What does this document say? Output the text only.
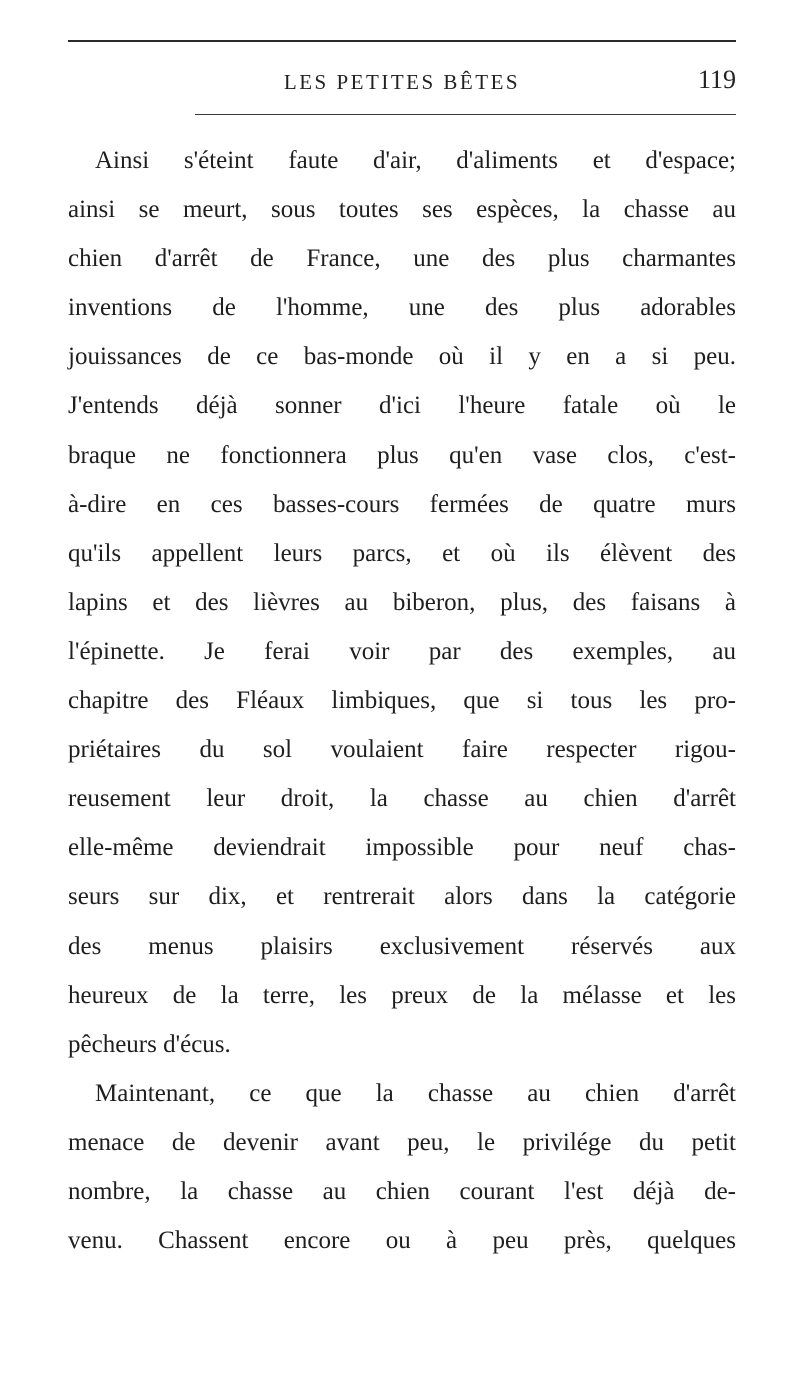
LES PETITES BÊTES	119
Ainsi s'éteint faute d'air, d'aliments et d'espace;
ainsi se meurt, sous toutes ses espèces, la chasse au
chien d'arrêt de France, une des plus charmantes
inventions de l'homme, une des plus adorables
jouissances de ce bas-monde où il y en a si peu.
J'entends déjà sonner d'ici l'heure fatale où le
braque ne fonctionnera plus qu'en vase clos, c'est-
à-dire en ces basses-cours fermées de quatre murs
qu'ils appellent leurs parcs, et où ils élèvent des
lapins et des lièvres au biberon, plus, des faisans à
l'épinette. Je ferai voir par des exemples, au
chapitre des Fléaux limbiques, que si tous les pro-
priétaires du sol voulaient faire respecter rigou-
reusement leur droit, la chasse au chien d'arrêt
elle-même deviendrait impossible pour neuf chas-
seurs sur dix, et rentrerait alors dans la catégorie
des menus plaisirs exclusivement réservés aux
heureux de la terre, les preux de la mélasse et les
pêcheurs d'écus.
Maintenant, ce que la chasse au chien d'arrêt
menace de devenir avant peu, le privilége du petit
nombre, la chasse au chien courant l'est déjà de-
venu. Chassent encore ou à peu près, quelques
